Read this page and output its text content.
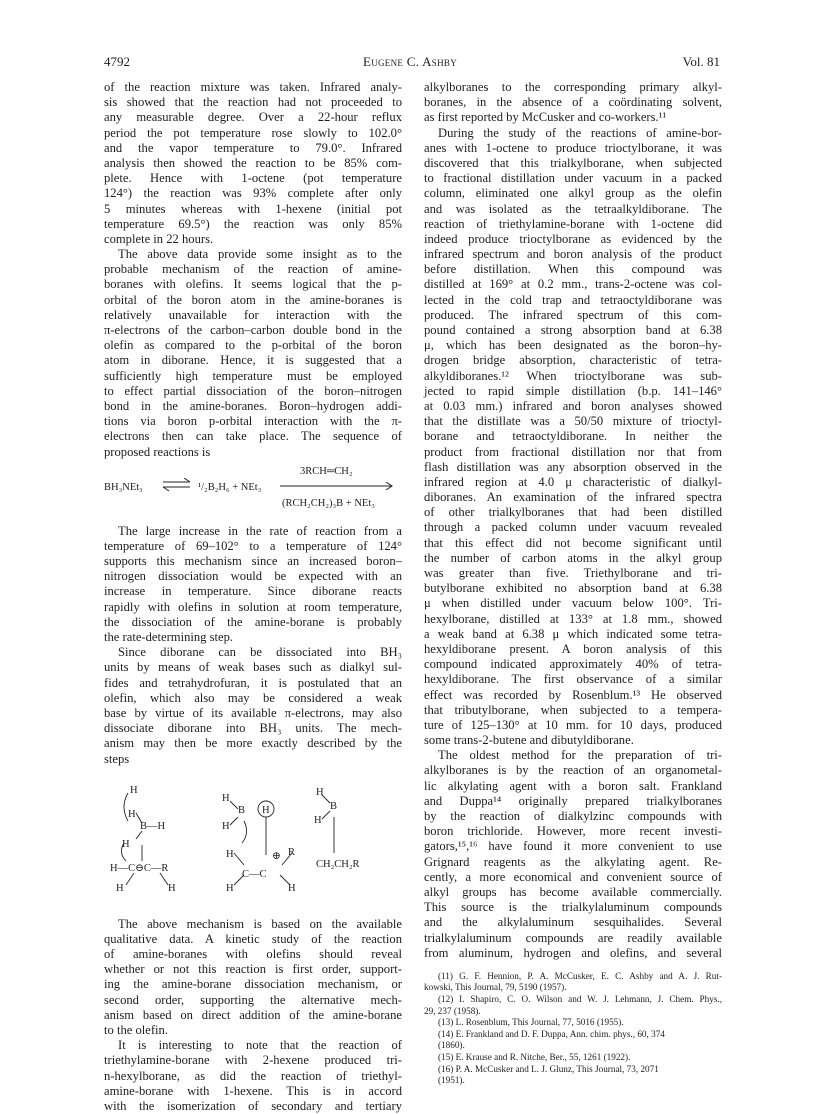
4792	Eugene C. Ashby	Vol. 81
of the reaction mixture was taken. Infrared analy-
sis showed that the reaction had not proceeded to
any measurable degree. Over a 22-hour reflux
period the pot temperature rose slowly to 102.0°
and the vapor temperature to 79.0°. Infrared
analysis then showed the reaction to be 85% com-
plete. Hence with 1-octene (pot temperature
124°) the reaction was 93% complete after only
5 minutes whereas with 1-hexene (initial pot
temperature 69.5°) the reaction was only 85%
complete in 22 hours.
The above data provide some insight as to the
probable mechanism of the reaction of amine-
boranes with olefins. It seems logical that the p-
orbital of the boron atom in the amine-boranes is
relatively unavailable for interaction with the
π-electrons of the carbon–carbon double bond in the
olefin as compared to the p-orbital of the boron
atom in diborane. Hence, it is suggested that a
sufficiently high temperature must be employed
to effect partial dissociation of the boron–nitrogen
bond in the amine-boranes. Boron–hydrogen addi-
tions via boron p-orbital interaction with the π-
electrons then can take place. The sequence of
proposed reactions is
BH₃NEt₃ ⇌ ¹/₂B₂H₆ + NEt₃
3RCH═CH₂
(RCH₂CH₂)₃B + NEt₃
The large increase in the rate of reaction from a
temperature of 69–102° to a temperature of 124°
supports this mechanism since an increased boron–
nitrogen dissociation would be expected with an
increase in temperature. Since diborane reacts
rapidly with olefins in solution at room temperature,
the dissociation of the amine-borane is probably
the rate-determining step.
Since diborane can be dissociated into BH₃
units by means of weak bases such as dialkyl sul-
fides and tetrahydrofuran, it is postulated that an
olefin, which also may be considered a weak
base by virtue of its available π-electrons, may also
dissociate diborane into BH₃ units. The mech-
anism may then be more exactly described by the
steps
H
H
B—H
H
H—C⊖C—R
H	H
H
B H
H
H	R
⊕
C—C
H	H
H
B
H
CH₂CH₂R
The above mechanism is based on the available
qualitative data. A kinetic study of the reaction
of amine-boranes with olefins should reveal
whether or not this reaction is first order, support-
ing the amine-borane dissociation mechanism, or
second order, supporting the alternative mech-
anism based on direct addition of the amine-borane
to the olefin.
It is interesting to note that the reaction of
triethylamine-borane with 2-hexene produced tri-
n-hexylborane, as did the reaction of triethyl-
amine-borane with 1-hexene. This is in accord
with the isomerization of secondary and tertiary
alkylboranes to the corresponding primary alkyl-
boranes, in the absence of a coördinating solvent,
as first reported by McCusker and co-workers.¹¹
During the study of the reactions of amine-bor-
anes with 1-octene to produce trioctylborane, it was
discovered that this trialkylborane, when subjected
to fractional distillation under vacuum in a packed
column, eliminated one alkyl group as the olefin
and was isolated as the tetraalkyldiborane. The
reaction of triethylamine-borane with 1-octene did
indeed produce trioctylborane as evidenced by the
infrared spectrum and boron analysis of the product
before distillation. When this compound was
distilled at 169° at 0.2 mm., trans-2-octene was col-
lected in the cold trap and tetraoctyldiborane was
produced. The infrared spectrum of this com-
pound contained a strong absorption band at 6.38
μ, which has been designated as the boron–hy-
drogen bridge absorption, characteristic of tetra-
alkyldiboranes.¹² When trioctylborane was sub-
jected to rapid simple distillation (b.p. 141–146°
at 0.03 mm.) infrared and boron analyses showed
that the distillate was a 50/50 mixture of trioctyl-
borane and tetraoctyldiborane. In neither the
product from fractional distillation nor that from
flash distillation was any absorption observed in the
infrared region at 4.0 μ characteristic of dialkyl-
diboranes. An examination of the infrared spectra
of other trialkylboranes that had been distilled
through a packed column under vacuum revealed
that this effect did not become significant until
the number of carbon atoms in the alkyl group
was greater than five. Triethylborane and tri-
butylborane exhibited no absorption band at 6.38
μ when distilled under vacuum below 100°. Tri-
hexylborane, distilled at 133° at 1.8 mm., showed
a weak band at 6.38 μ which indicated some tetra-
hexyldiborane present. A boron analysis of this
compound indicated approximately 40% of tetra-
hexyldiborane. The first observance of a similar
effect was recorded by Rosenblum.¹³ He observed
that tributylborane, when subjected to a tempera-
ture of 125–130° at 10 mm. for 10 days, produced
some trans-2-butene and dibutyldiborane.
The oldest method for the preparation of tri-
alkylboranes is by the reaction of an organometal-
lic alkylating agent with a boron salt. Frankland
and Duppa¹⁴ originally prepared trialkylboranes
by the reaction of dialkylzinc compounds with
boron trichloride. However, more recent investi-
gators,¹⁵,¹⁶ have found it more convenient to use
Grignard reagents as the alkylating agent. Re-
cently, a more economical and convenient source of
alkyl groups has become available commercially.
This source is the trialkylaluminum compounds
and the alkylaluminum sesquihalides. Several
trialkylaluminum compounds are readily available
from aluminum, hydrogen and olefins, and several
(11) G. F. Hennion, P. A. McCusker, E. C. Ashby and A. J. Rut-
kowski, This Journal, 79, 5190 (1957).
(12) I. Shapiro, C. O. Wilson and W. J. Lehmann, J. Chem. Phys.,
29, 237 (1958).
(13) L. Rosenblum, This Journal, 77, 5016 (1955).
(14) E. Frankland and D. F. Duppa, Ann. chim. phys., 60, 374
(1860).
(15) E. Krause and R. Nitche, Ber., 55, 1261 (1922).
(16) P. A. McCusker and L. J. Glunz, This Journal, 73, 2071
(1951).
